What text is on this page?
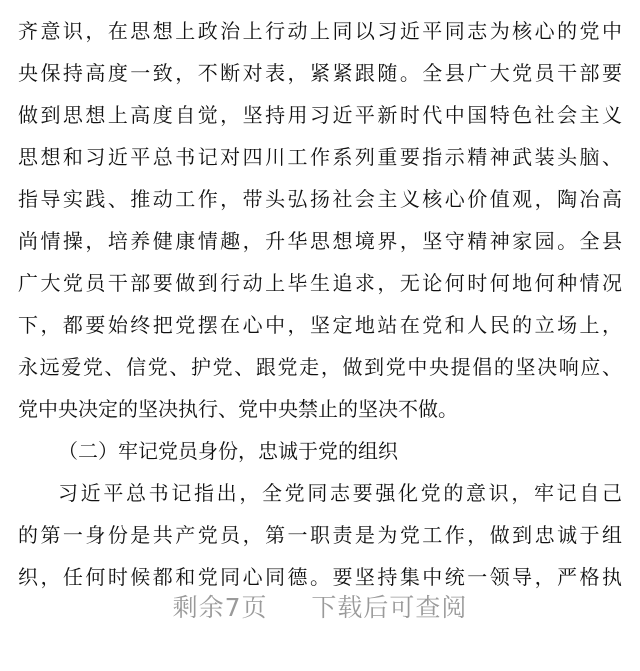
齐意识，在思想上政治上行动上同以习近平同志为核心的党中
央保持高度一致，不断对表，紧紧跟随。全县广大党员干部要
做到思想上高度自觉，坚持用习近平新时代中国特色社会主义
思想和习近平总书记对四川工作系列重要指示精神武装头脑、
指导实践、推动工作，带头弘扬社会主义核心价值观，陶冶高
尚情操，培养健康情趣，升华思想境界，坚守精神家园。全县
广大党员干部要做到行动上毕生追求，无论何时何地何种情况
下，都要始终把党摆在心中，坚定地站在党和人民的立场上，
永远爱党、信党、护党、跟党走，做到党中央提倡的坚决响应、
党中央决定的坚决执行、党中央禁止的坚决不做。
（二）牢记党员身份，忠诚于党的组织
习近平总书记指出，全党同志要强化党的意识，牢记自己
的第一身份是共产党员，第一职责是为党工作，做到忠诚于组
织，任何时候都和党同心同德。要坚持集中统一领导，严格执
剩余7页 下载后可查阅
